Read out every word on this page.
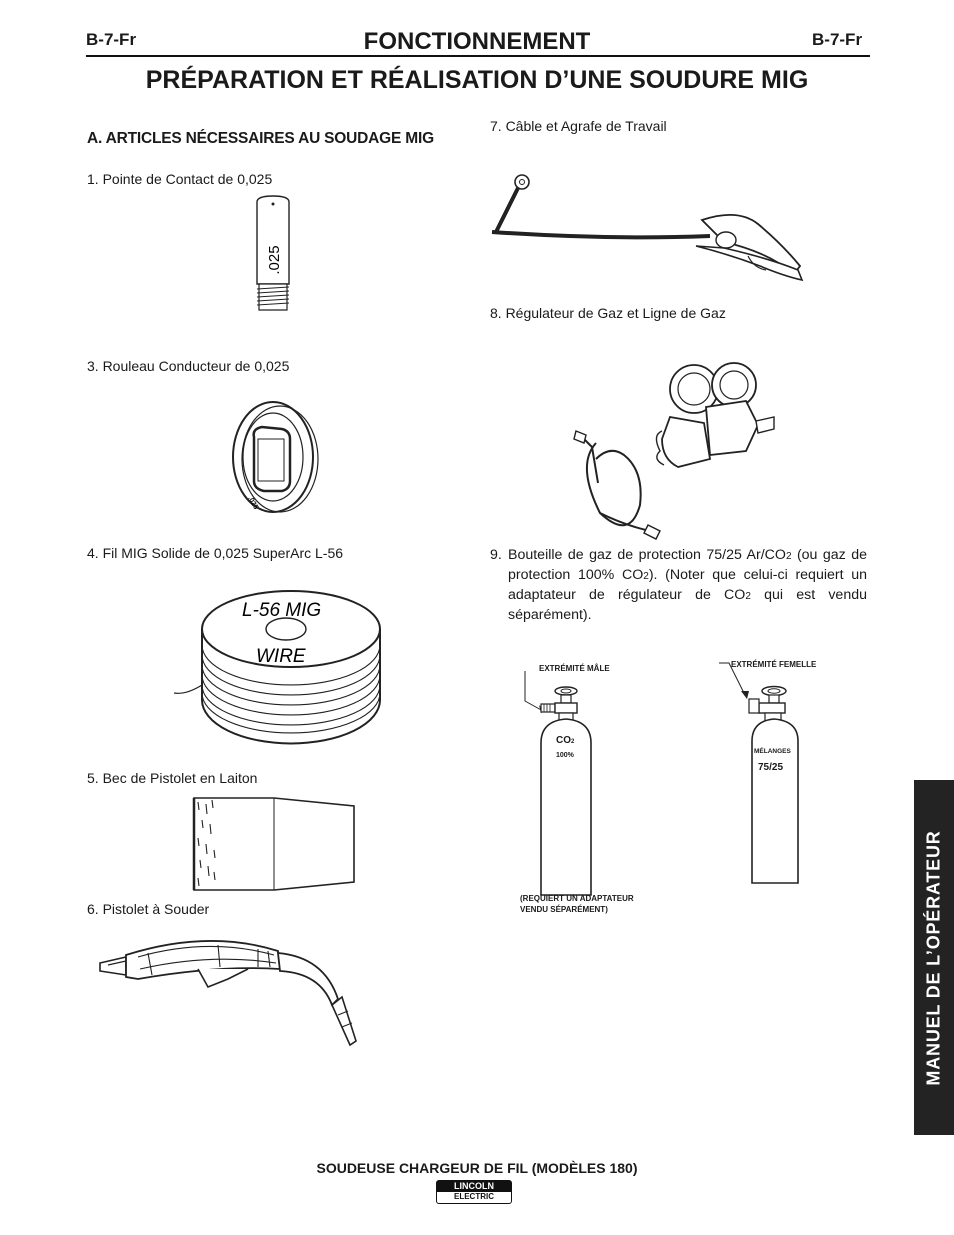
B-7-Fr	B-7-Fr
FONCTIONNEMENT
PRÉPARATION ET RÉALISATION D’UNE SOUDURE MIG
A. ARTICLES NÉCESSAIRES AU SOUDAGE MIG
1. Pointe de Contact de 0,025
.025
3. Rouleau Conducteur de 0,025
.025
4. Fil MIG Solide de 0,025 SuperArc L-56
L-56 MIG
WIRE
5. Bec de Pistolet en Laiton
6. Pistolet à Souder
7. Câble et Agrafe de Travail
8. Régulateur de Gaz et Ligne de Gaz
9. Bouteille de gaz de protection 75/25 Ar/CO2 (ou gaz de protection 100% CO2). (Noter que celui-ci requiert un adaptateur de régulateur de CO2 qui est vendu séparément).
EXTRÉMITÉ MÂLE	EXTRÉMITÉ FEMELLE
CO2
100%
MÉLANGES
75/25
(REQUIERT UN ADAPTATEUR
VENDU SÉPARÉMENT)	MANUEL DE L’OPÉRATEUR
SOUDEUSE CHARGEUR DE FIL (MODÈLES 180)
LINCOLN
ELECTRIC
